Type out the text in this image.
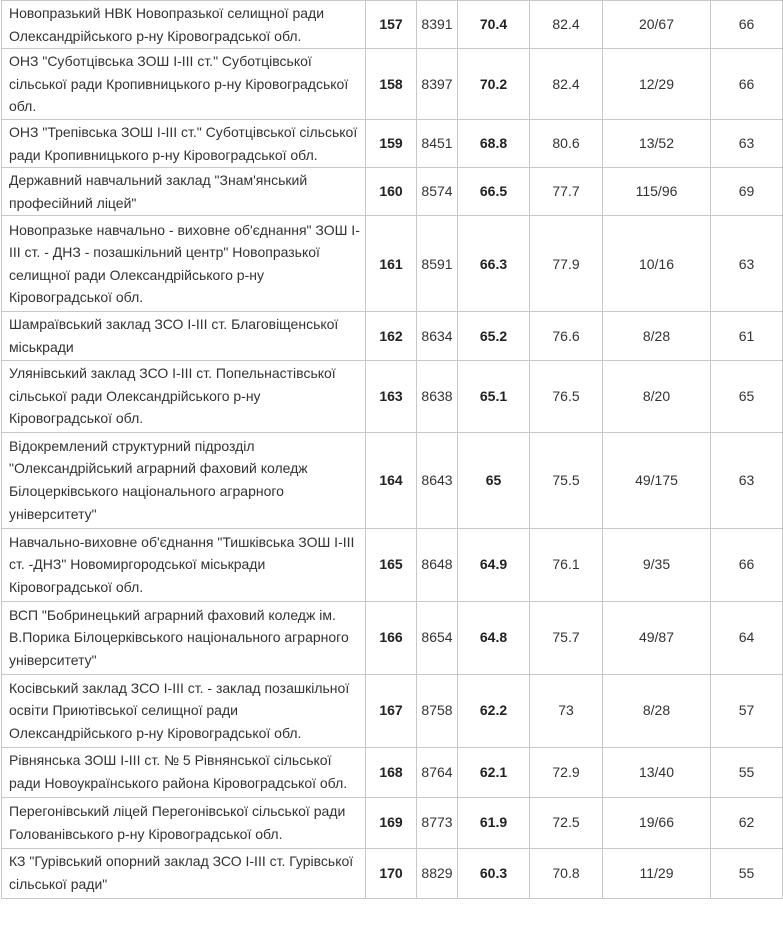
Новопразький НВК Новопразької селищної ради Олександрійського р-ну Кіровоградської обл.	157	8391	70.4	82.4	20/67	66
ОНЗ "Суботцівська ЗОШ І-ІІІ ст." Суботцівської сільської ради Кропивницького р-ну Кіровоградської обл.	158	8397	70.2	82.4	12/29	66
ОНЗ "Трепівська ЗОШ І-ІІІ ст." Суботцівської сільської ради Кропивницького р-ну Кіровоградської обл.	159	8451	68.8	80.6	13/52	63
Державний навчальний заклад "Знам'янський професійний ліцей"	160	8574	66.5	77.7	115/96	69
Новопразьке навчально - виховне об'єднання" ЗОШ І-ІІІ ст. - ДНЗ - позашкільний центр" Новопразької селищної ради Олександрійського р-ну Кіровоградської обл.	161	8591	66.3	77.9	10/16	63
Шамраївський заклад ЗСО І-ІІІ ст. Благовіщенської міськради	162	8634	65.2	76.6	8/28	61
Улянівський заклад ЗСО І-ІІІ ст. Попельнастівської сільської ради Олександрійського р-ну Кіровоградської обл.	163	8638	65.1	76.5	8/20	65
Відокремлений структурний підрозділ "Олександрійський аграрний фаховий коледж Білоцерківського національного аграрного університету"	164	8643	65	75.5	49/175	63
Навчально-виховне об'єднання "Тишківська ЗОШ І-ІІІ ст. -ДНЗ" Новомиргородської міськради Кіровоградської обл.	165	8648	64.9	76.1	9/35	66
ВСП "Бобринецький аграрний фаховий коледж ім. В.Порика Білоцерківського національного аграрного університету"	166	8654	64.8	75.7	49/87	64
Косівський заклад ЗСО І-ІІІ ст. - заклад позашкільної освіти Приютівської селищної ради Олександрійського р-ну Кіровоградської обл.	167	8758	62.2	73	8/28	57
Рівнянська ЗОШ І-ІІІ ст. № 5 Рівнянської сільської ради Новоукраїнського района Кіровоградської обл.	168	8764	62.1	72.9	13/40	55
Перегонівський ліцей Перегонівської сільської ради Голованівського р-ну Кіровоградської обл.	169	8773	61.9	72.5	19/66	62
КЗ "Гурівський опорний заклад ЗСО І-ІІІ ст. Гурівської сільської ради"	170	8829	60.3	70.8	11/29	55
